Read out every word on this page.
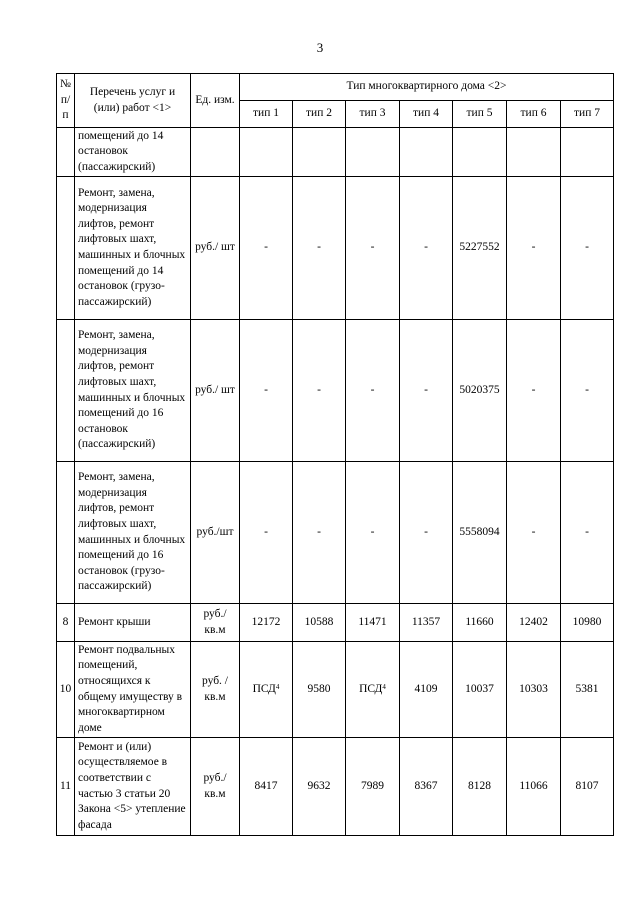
3
№ п/п	Перечень услуг и (или) работ <1>	Ед. изм.	Тип многоквартирного дома <2>						
			тип 1	тип 2	тип 3	тип 4	тип 5	тип 6	тип 7
	помещений до 14 остановок (пассажирский)								
	Ремонт, замена, модернизация лифтов, ремонт лифтовых шахт, машинных и блочных помещений до 14 остановок (грузо-пассажирский)	руб./ шт	-	-	-	-	5227552	-	-
	Ремонт, замена, модернизация лифтов, ремонт лифтовых шахт, машинных и блочных помещений до 16 остановок (пассажирский)	руб./ шт	-	-	-	-	5020375	-	-
	Ремонт, замена, модернизация лифтов, ремонт лифтовых шахт, машинных и блочных помещений до 16 остановок (грузо-пассажирский)	руб./шт	-	-	-	-	5558094	-	-
8	Ремонт крыши	руб./ кв.м	12172	10588	11471	11357	11660	12402	10980
10	Ремонт подвальных помещений, относящихся к общему имуществу в многоквартирном доме	руб. /кв.м	ПСД$^4$	9580	ПСД$^4$	4109	10037	10303	5381
11	Ремонт и (или) осуществляемое в соответствии с частью 3 статьи 20 Закона <5> утепление фасада	руб./ кв.м	8417	9632	7989	8367	8128	11066	8107
